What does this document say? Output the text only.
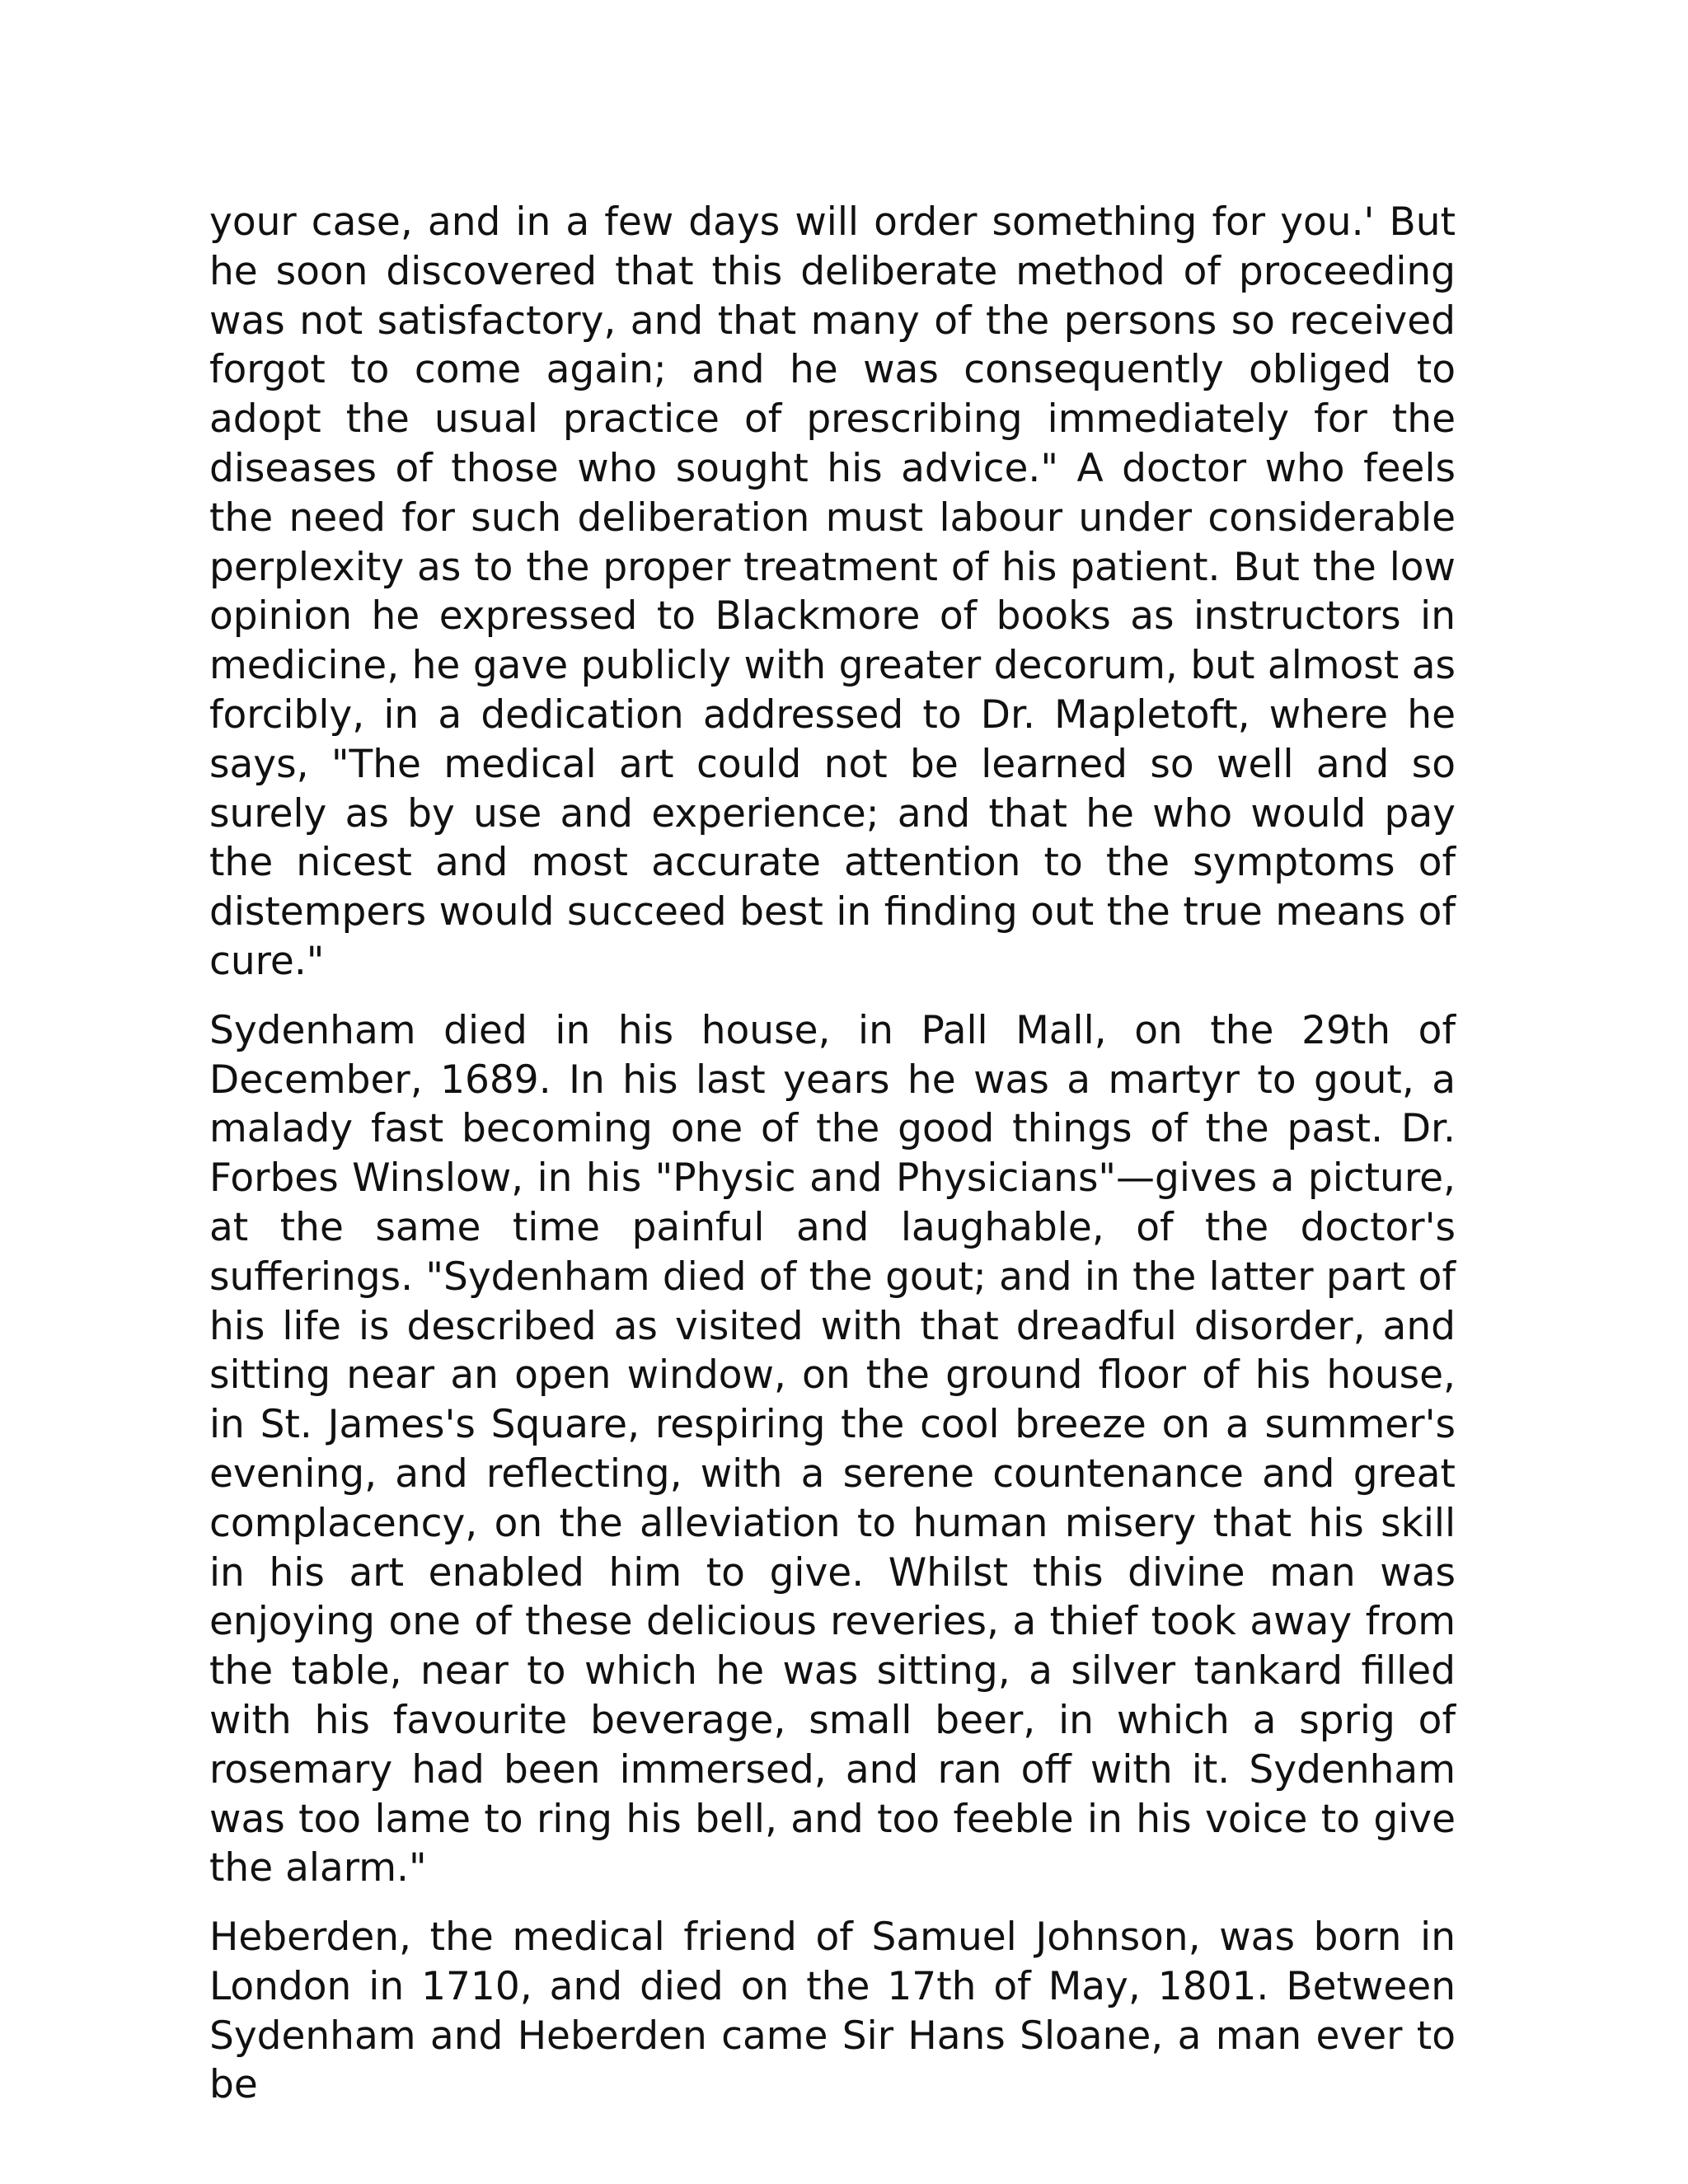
your case, and in a few days will order something for you.' But he soon discovered that this deliberate method of proceeding was not satisfactory, and that many of the persons so received forgot to come again; and he was consequently obliged to adopt the usual practice of prescribing immediately for the diseases of those who sought his advice." A doctor who feels the need for such deliberation must labour under considerable perplexity as to the proper treatment of his patient. But the low opinion he expressed to Blackmore of books as instructors in medicine, he gave publicly with greater decorum, but almost as forcibly, in a dedication addressed to Dr. Mapletoft, where he says, "The medical art could not be learned so well and so surely as by use and experience; and that he who would pay the nicest and most accurate attention to the symptoms of distempers would succeed best in finding out the true means of cure."

Sydenham died in his house, in Pall Mall, on the 29th of December, 1689. In his last years he was a martyr to gout, a malady fast becoming one of the good things of the past. Dr. Forbes Winslow, in his "Physic and Physicians"—gives a picture, at the same time painful and laughable, of the doctor's sufferings. "Sydenham died of the gout; and in the latter part of his life is described as visited with that dreadful disorder, and sitting near an open window, on the ground floor of his house, in St. James's Square, respiring the cool breeze on a summer's evening, and reflecting, with a serene countenance and great complacency, on the alleviation to human misery that his skill in his art enabled him to give. Whilst this divine man was enjoying one of these delicious reveries, a thief took away from the table, near to which he was sitting, a silver tankard filled with his favourite beverage, small beer, in which a sprig of rosemary had been immersed, and ran off with it. Sydenham was too lame to ring his bell, and too feeble in his voice to give the alarm."

Heberden, the medical friend of Samuel Johnson, was born in London in 1710, and died on the 17th of May, 1801. Between Sydenham and Heberden came Sir Hans Sloane, a man ever to be
